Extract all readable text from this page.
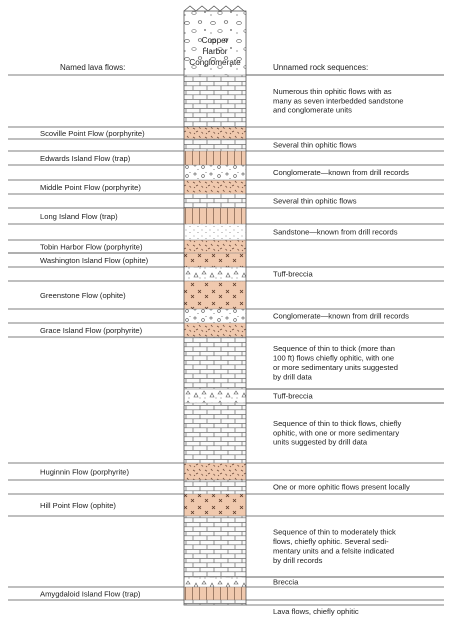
Named lava flows:	Unnamed rock sequences:
Copper
Harbor
Conglomerate
Numerous thin ophitic flows with as
many as seven interbedded sandstone
and conglomerate units
Scoville Point Flow (porphyrite)
Several thin ophitic flows
Edwards Island Flow (trap)
Conglomerate—known from drill records
Middle Point Flow (porphyrite)
Several thin ophitic flows
Long Island Flow (trap)
Sandstone—known from drill records
Tobin Harbor Flow (porphyrite)
Washington Island Flow (ophite)
Tuff-breccia
Greenstone Flow (ophite)
Conglomerate—known from drill records
Grace Island Flow (porphyrite)
Sequence of thin to thick (more than
100 ft) flows chiefly ophitic, with one
or more sedimentary units suggested
by drill data
Tuff-breccia
Sequence of thin to thick flows, chiefly
ophitic, with one or more sedimentary
units suggested by drill data
Huginnin Flow (porphyrite)
One or more ophitic flows present locally
Hill Point Flow (ophite)
Sequence of thin to moderately thick
flows, chiefly ophitic. Several sedi-
mentary units and a felsite indicated
by drill records
Breccia
Amygdaloid Island Flow (trap)
Lava flows, chiefly ophitic
